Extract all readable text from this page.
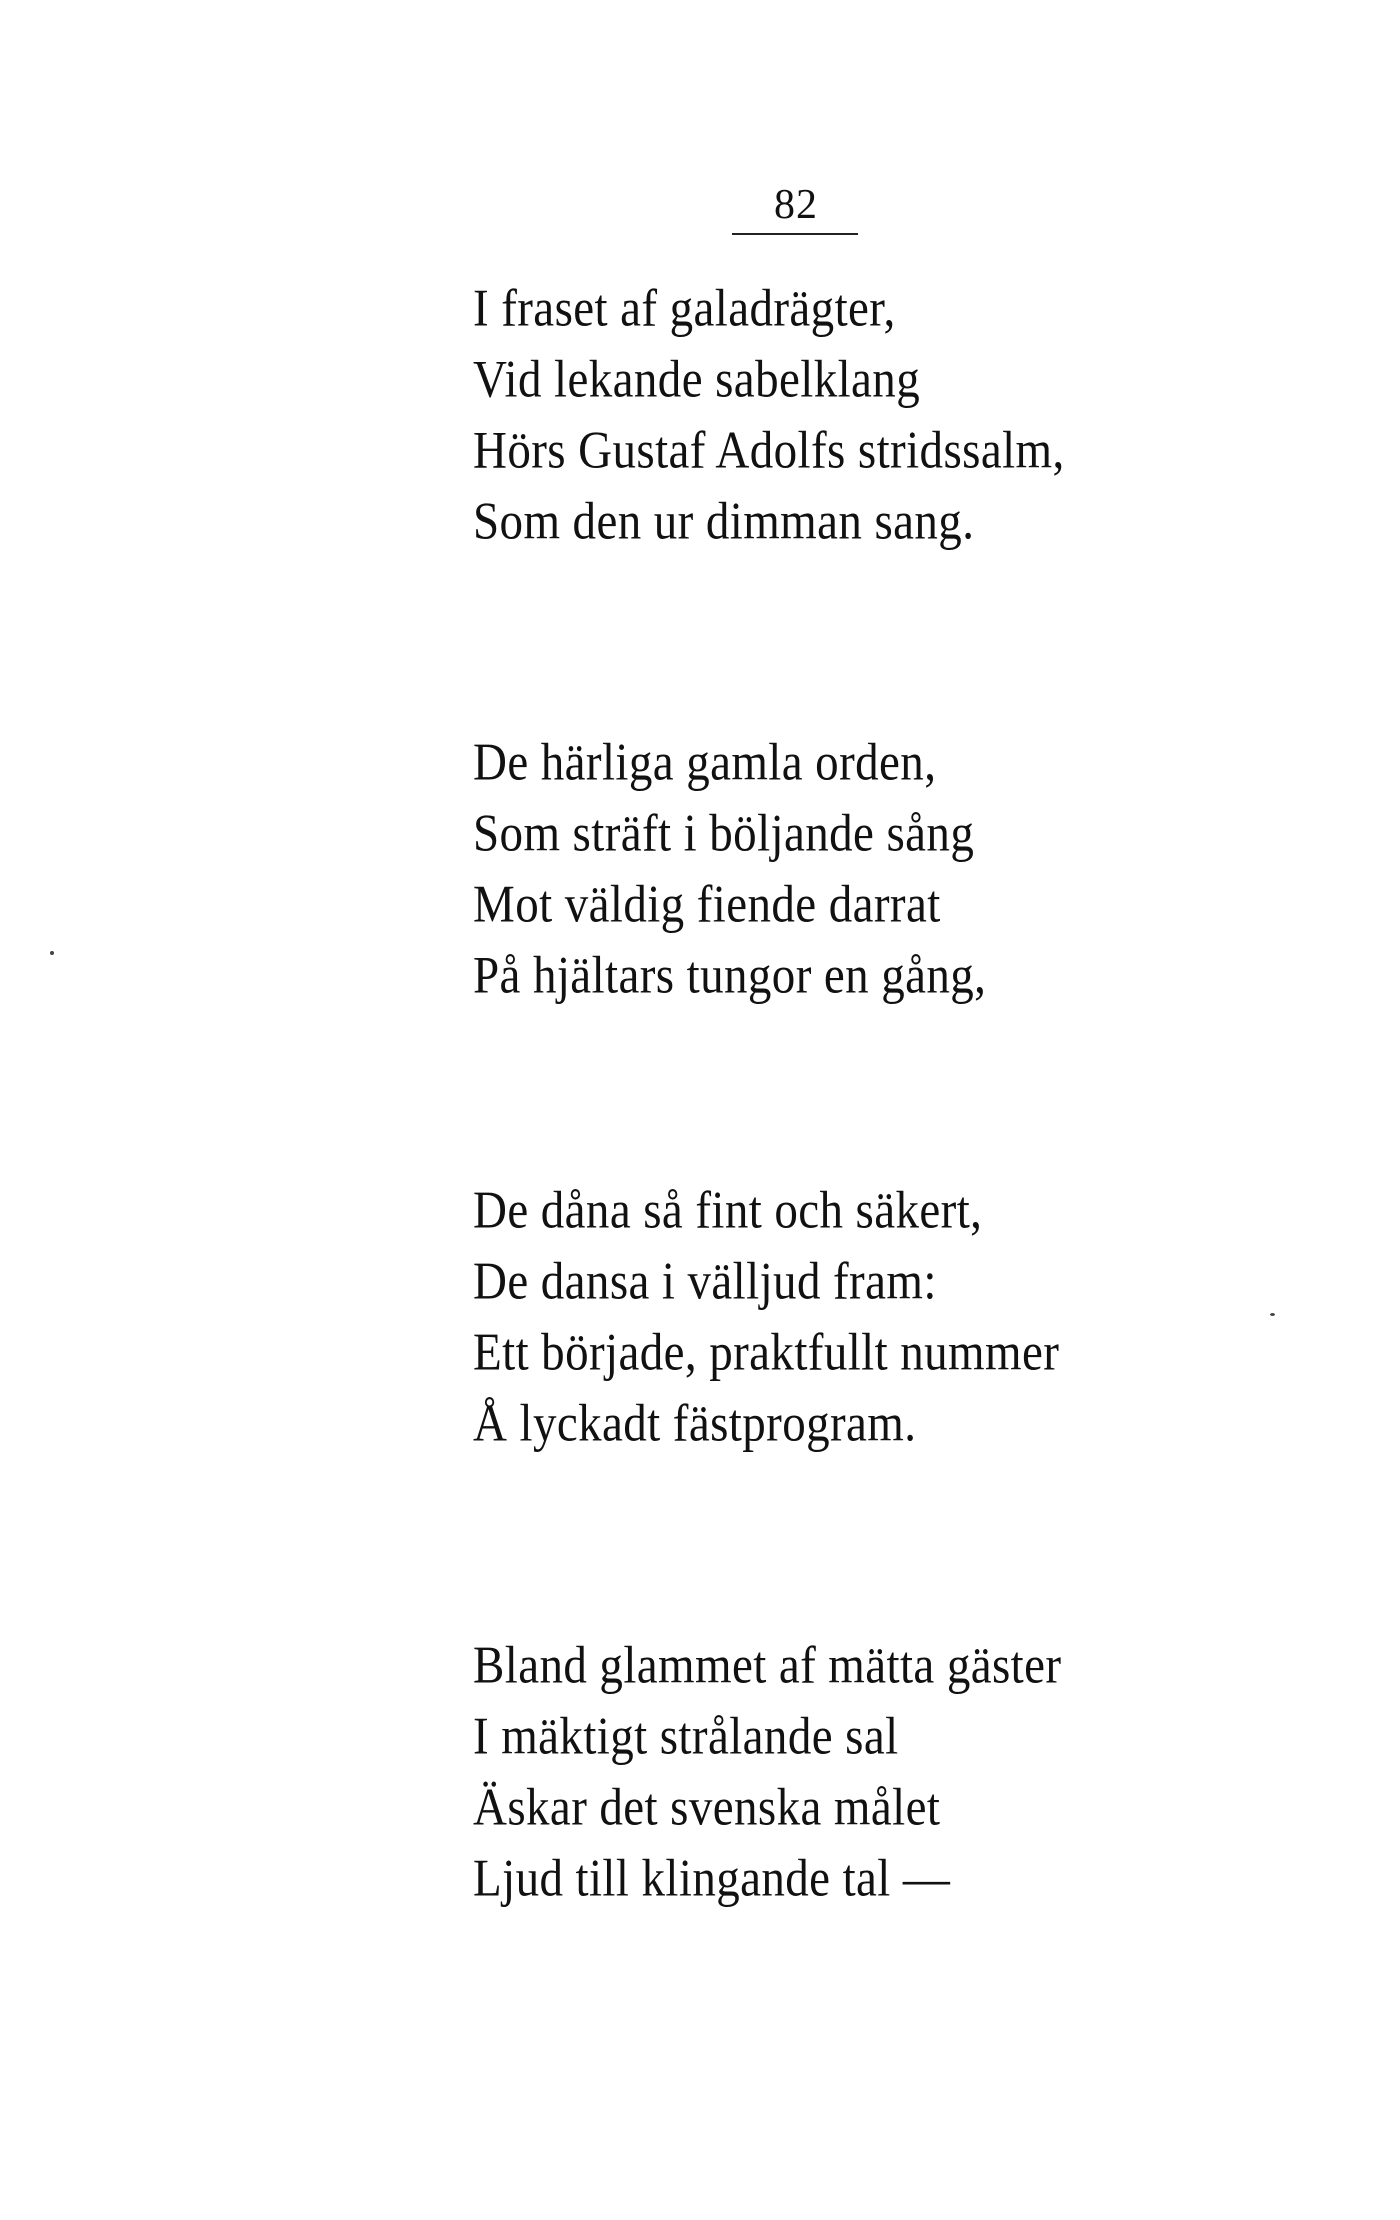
82
I fraset af galadrägter,
Vid lekande sabelklang
Hörs Gustaf Adolfs stridssalm,
Som den ur dimman sang.
De härliga gamla orden,
Som sträft i böljande sång
Mot väldig fiende darrat
På hjältars tungor en gång,
De dåna så fint och säkert,
De dansa i välljud fram:
Ett började, praktfullt nummer
Å lyckadt fästprogram.
Bland glammet af mätta gäster
I mäktigt strålande sal
Äskar det svenska målet
Ljud till klingande tal —
